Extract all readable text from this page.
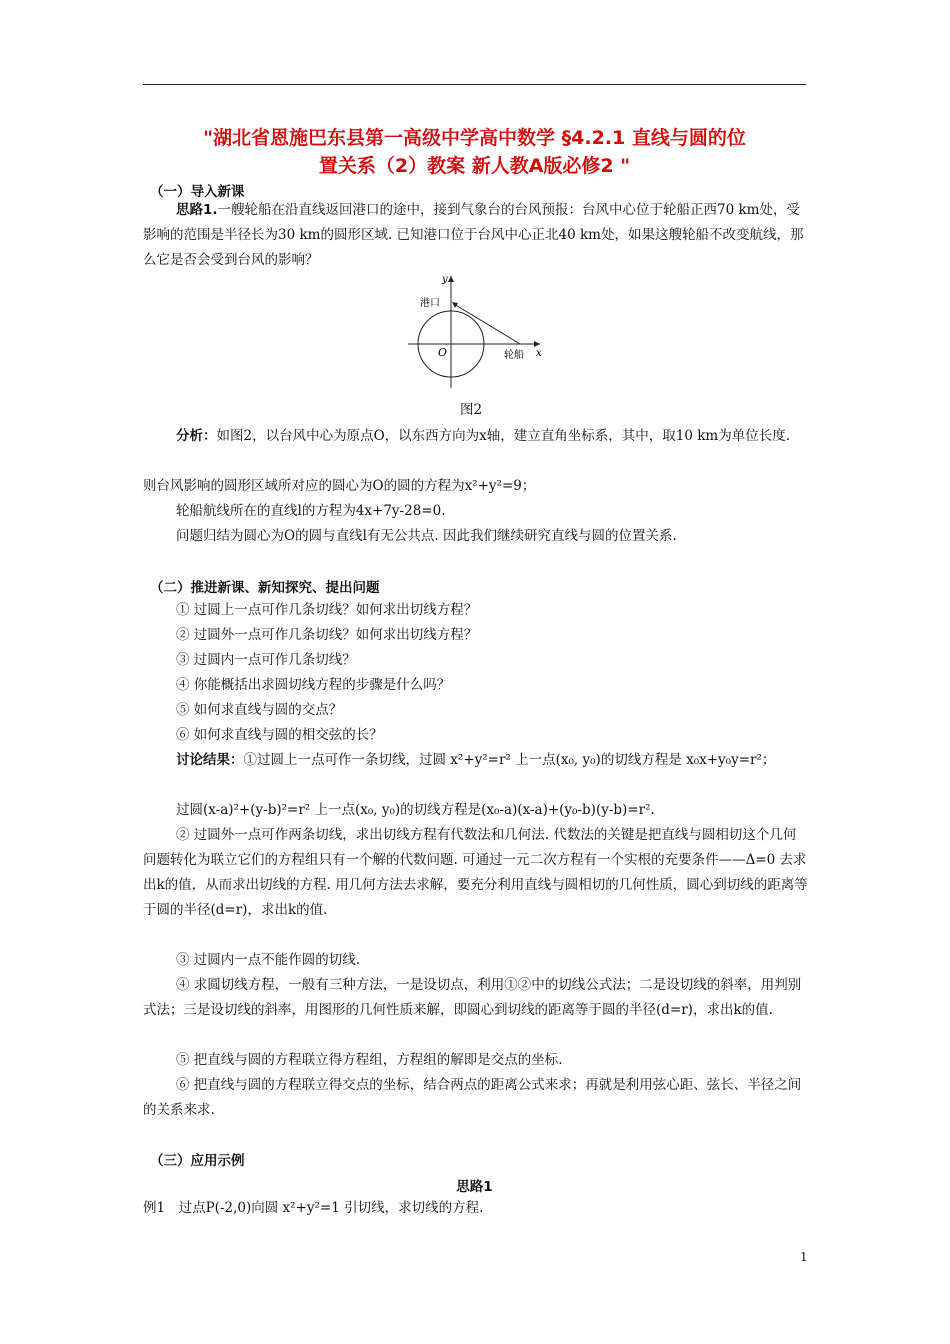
"湖北省恩施巴东县第一高级中学高中数学 §4.2.1 直线与圆的位
置关系（2）教案 新人教A版必修2 "
（一）导入新课
思路1.一艘轮船在沿直线返回港口的途中，接到气象台的台风预报：台风中心位于轮船正西70 km处，受影响的范围是半径长为30 km的圆形区域. 已知港口位于台风中心正北40 km处，如果这艘轮船不改变航线，那么它是否会受到台风的影响？
y
港口
O	轮船 x
图2
分析：如图2，以台风中心为原点O，以东西方向为x轴，建立直角坐标系，其中，取10 km为单位长度.
则台风影响的圆形区域所对应的圆心为O的圆的方程为x²+y²=9；
轮船航线所在的直线l的方程为4x+7y-28=0.
问题归结为圆心为O的圆与直线l有无公共点. 因此我们继续研究直线与圆的位置关系.
（二）推进新课、新知探究、提出问题
① 过圆上一点可作几条切线？如何求出切线方程？
② 过圆外一点可作几条切线？如何求出切线方程？
③ 过圆内一点可作几条切线？
④ 你能概括出求圆切线方程的步骤是什么吗？
⑤ 如何求直线与圆的交点？
⑥ 如何求直线与圆的相交弦的长？
讨论结果：①过圆上一点可作一条切线，过圆 x²+y²=r² 上一点(x₀, y₀)的切线方程是 x₀x+y₀y=r²；
过圆(x-a)²+(y-b)²=r² 上一点(x₀, y₀)的切线方程是(x₀-a)(x-a)+(y₀-b)(y-b)=r².
② 过圆外一点可作两条切线，求出切线方程有代数法和几何法. 代数法的关键是把直线与圆相切这个几何问题转化为联立它们的方程组只有一个解的代数问题. 可通过一元二次方程有一个实根的充要条件——Δ=0 去求出k的值，从而求出切线的方程. 用几何方法去求解，要充分利用直线与圆相切的几何性质，圆心到切线的距离等于圆的半径(d=r)，求出k的值.
③ 过圆内一点不能作圆的切线.
④ 求圆切线方程，一般有三种方法，一是设切点，利用①②中的切线公式法；二是设切线的斜率，用判别式法；三是设切线的斜率，用图形的几何性质来解，即圆心到切线的距离等于圆的半径(d=r)，求出k的值.
⑤ 把直线与圆的方程联立得方程组，方程组的解即是交点的坐标.
⑥ 把直线与圆的方程联立得交点的坐标，结合两点的距离公式来求；再就是利用弦心距、弦长、半径之间的关系来求.
（三）应用示例
思路1
例1　过点P(-2,0)向圆 x²+y²=1 引切线，求切线的方程.
1
